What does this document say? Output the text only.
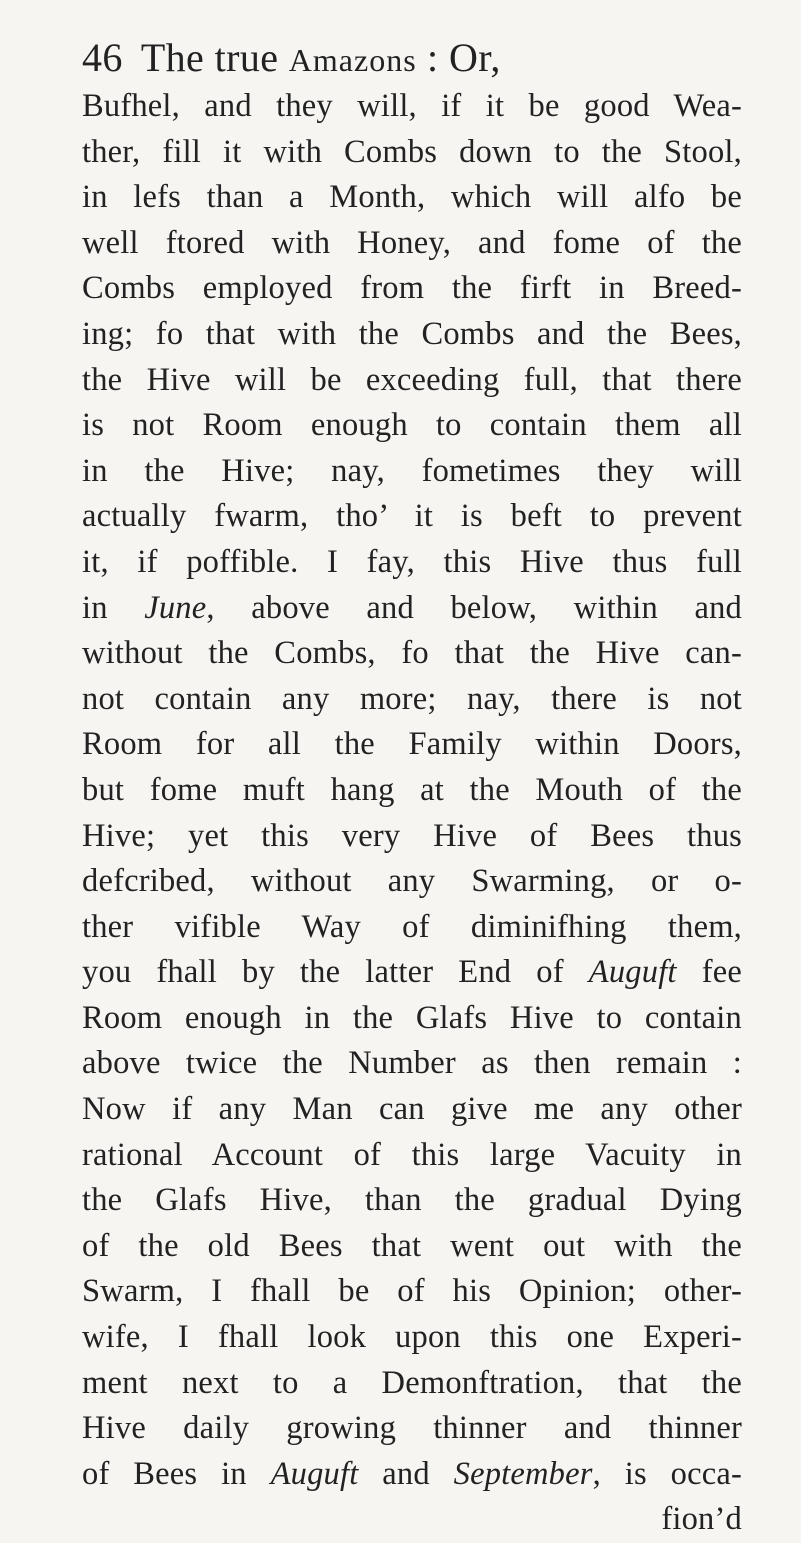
46 The true Amazons : Or,
Bufhel, and they will, if it be good Wea-
ther, fill it with Combs down to the Stool,
in lefs than a Month, which will alfo be
well ftored with Honey, and fome of the
Combs employed from the firft in Breed-
ing; fo that with the Combs and the Bees,
the Hive will be exceeding full, that there
is not Room enough to contain them all
in the Hive; nay, fometimes they will
actually fwarm, tho’ it is beft to prevent
it, if poffible. I fay, this Hive thus full
in June, above and below, within and
without the Combs, fo that the Hive can-
not contain any more; nay, there is not
Room for all the Family within Doors,
but fome muft hang at the Mouth of the
Hive; yet this very Hive of Bees thus
defcribed, without any Swarming, or o-
ther vifible Way of diminifhing them,
you fhall by the latter End of Auguft fee
Room enough in the Glafs Hive to contain
above twice the Number as then remain :
Now if any Man can give me any other
rational Account of this large Vacuity in
the Glafs Hive, than the gradual Dying
of the old Bees that went out with the
Swarm, I fhall be of his Opinion; other-
wife, I fhall look upon this one Experi-
ment next to a Demonftration, that the
Hive daily growing thinner and thinner
of Bees in Auguft and September, is occa-
fion’d
